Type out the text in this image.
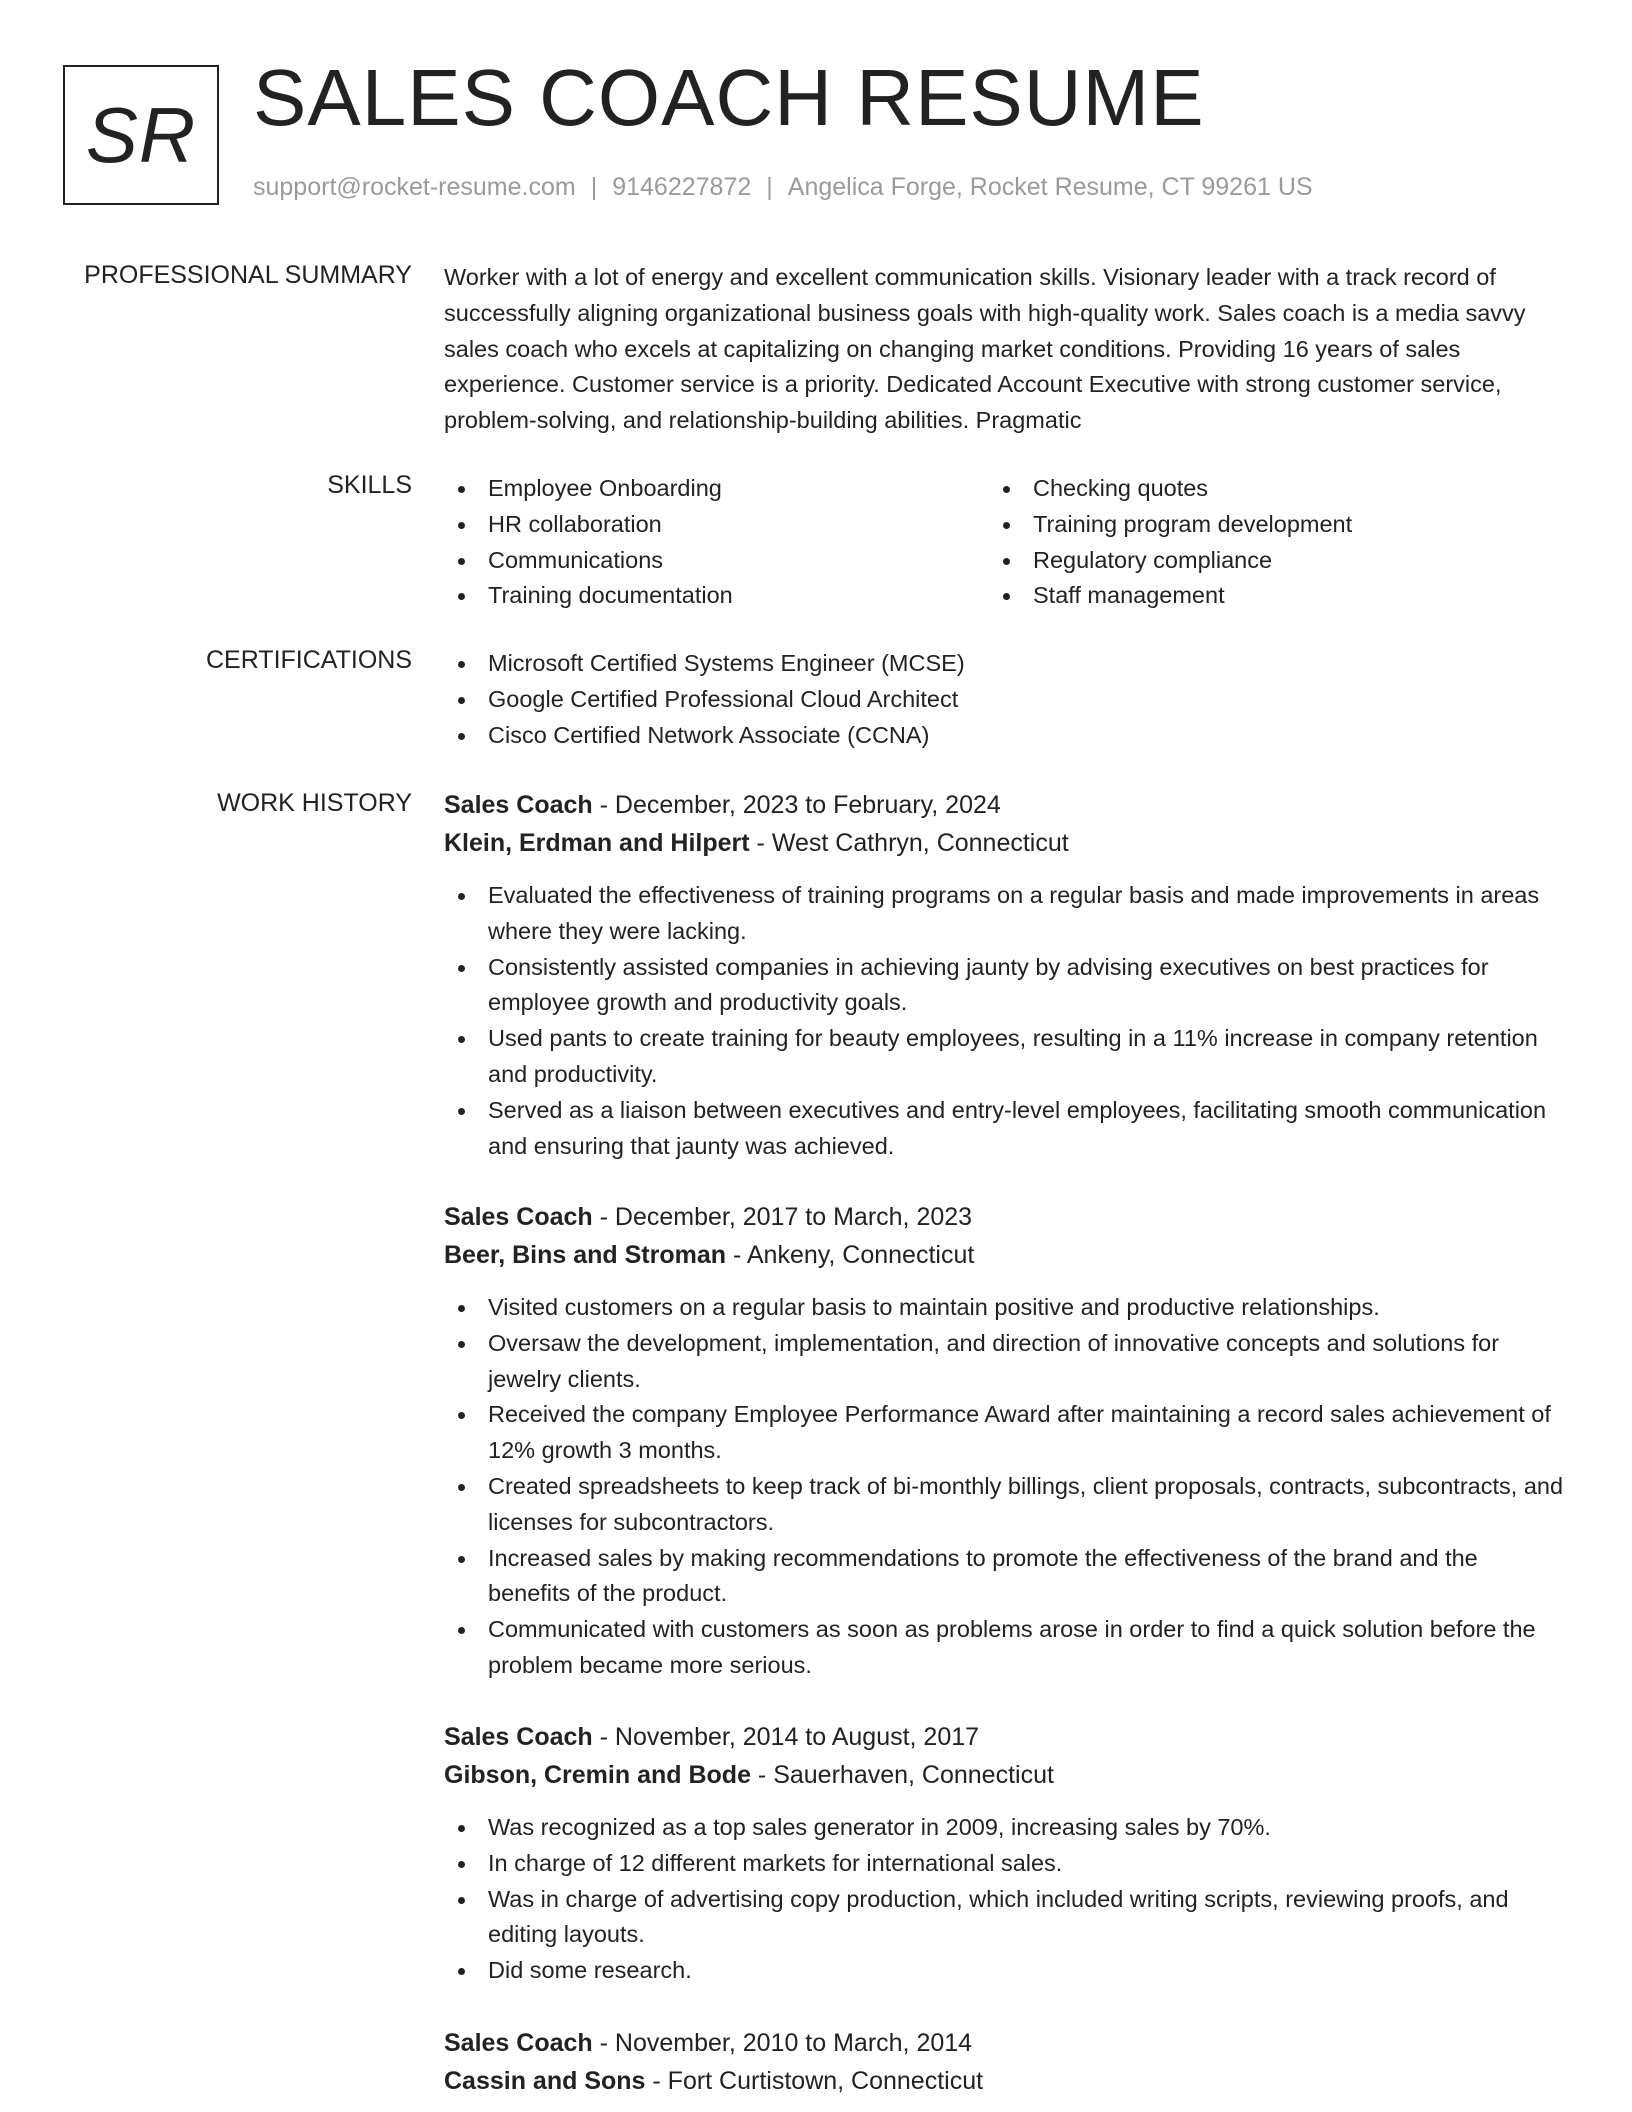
SR SALES COACH RESUME
support@rocket-resume.com | 9146227872 | Angelica Forge, Rocket Resume, CT 99261 US
PROFESSIONAL SUMMARY Worker with a lot of energy and excellent communication skills. Visionary leader with a track record of successfully aligning organizational business goals with high-quality work. Sales coach is a media savvy sales coach who excels at capitalizing on changing market conditions. Providing 16 years of sales experience. Customer service is a priority. Dedicated Account Executive with strong customer service, problem-solving, and relationship-building abilities. Pragmatic

SKILLS	Employee Onboarding
HR collaboration
Communications
Training documentation
Checking quotes
Training program development
Regulatory compliance
Staff management
CERTIFICATIONS	Microsoft Certified Systems Engineer (MCSE)
Google Certified Professional Cloud Architect
Cisco Certified Network Associate (CCNA)
WORK HISTORY Sales Coach - December, 2023 to February, 2024
Klein, Erdman and Hilpert - West Cathryn, Connecticut
Evaluated the effectiveness of training programs on a regular basis and made improvements in areas where they were lacking.
Consistently assisted companies in achieving jaunty by advising executives on best practices for employee growth and productivity goals.
Used pants to create training for beauty employees, resulting in a 11% increase in company retention and productivity.
Served as a liaison between executives and entry-level employees, facilitating smooth communication and ensuring that jaunty was achieved.
Sales Coach - December, 2017 to March, 2023
Beer, Bins and Stroman - Ankeny, Connecticut
Visited customers on a regular basis to maintain positive and productive relationships.
Oversaw the development, implementation, and direction of innovative concepts and solutions for jewelry clients.
Received the company Employee Performance Award after maintaining a record sales achievement of 12% growth 3 months.
Created spreadsheets to keep track of bi-monthly billings, client proposals, contracts, subcontracts, and licenses for subcontractors.
Increased sales by making recommendations to promote the effectiveness of the brand and the benefits of the product.
Communicated with customers as soon as problems arose in order to find a quick solution before the problem became more serious.
Sales Coach - November, 2014 to August, 2017
Gibson, Cremin and Bode - Sauerhaven, Connecticut
Was recognized as a top sales generator in 2009, increasing sales by 70%.
In charge of 12 different markets for international sales.
Was in charge of advertising copy production, which included writing scripts, reviewing proofs, and editing layouts.
Did some research.
Sales Coach - November, 2010 to March, 2014
Cassin and Sons - Fort Curtistown, Connecticut
